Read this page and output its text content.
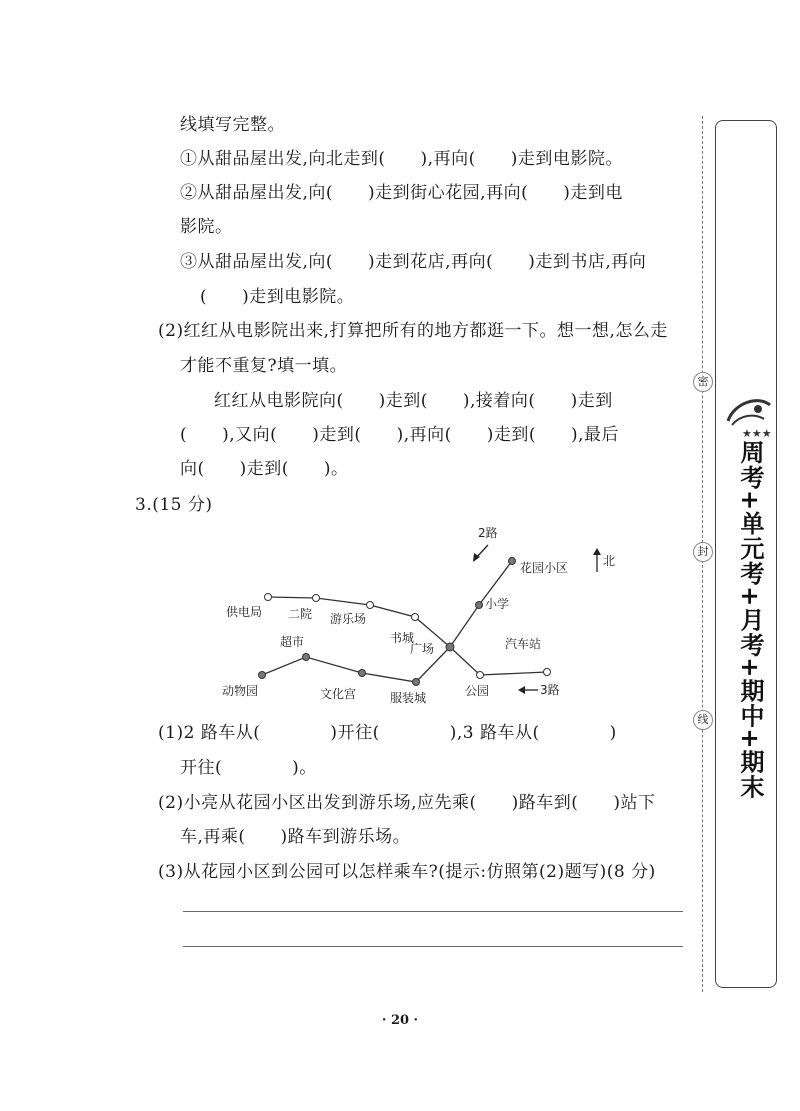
线填写完整。
①从甜品屋出发,向北走到(　　),再向(　　)走到电影院。
②从甜品屋出发,向(　　)走到街心花园,再向(　　)走到电
影院。
③从甜品屋出发,向(　　)走到花店,再向(　　)走到书店,再向
(　　)走到电影院。
(2)红红从电影院出来,打算把所有的地方都逛一下。想一想,怎么走
才能不重复?填一填。
红红从电影院向(　　)走到(　　),接着向(　　)走到
(　　),又向(　　)走到(　　),再向(　　)走到(　　),最后
向(　　)走到(　　)。
3.(15 分)
(1)2 路车从(　　　　)开往(　　　　),3 路车从(　　　　)
开往(　　　　)。
(2)小亮从花园小区出发到游乐场,应先乘(　　)路车到(　　)站下
车,再乘(　　)路车到游乐场。
(3)从花园小区到公园可以怎样乘车?(提示:仿照第(2)题写)(8 分)
供电局 二院 游乐场
书城
广场
小学
花园小区
汽车站
公园
动物园
超市
文化宫	服装城
2路
3路
北
· 20 ·
密
封
线
★★★
周考+单元考+月考+期中+期末
